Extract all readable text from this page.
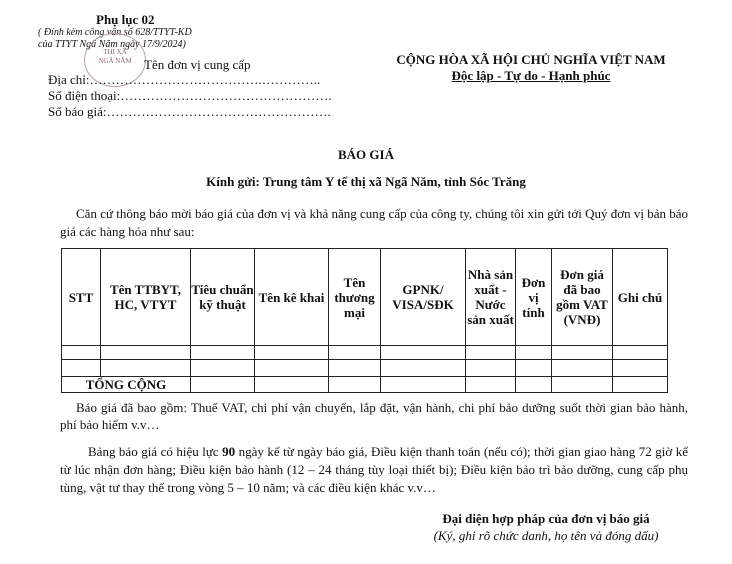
Phụ lục 02
( Đính kèm công văn số 628/TTYT-KD
của TTYT Ngã Năm ngày 17/9/2024)
THỊ XÃ
NGÃ NĂM Tên đơn vị cung cấp
Địa chỉ:………………………………….…………..
Số điện thoại:………………………………………….
Số báo giá:…………………………………………….
CỘNG HÒA XÃ HỘI CHỦ NGHĨA VIỆT NAM
Độc lập - Tự do - Hạnh phúc
BÁO GIÁ
Kính gửi: Trung tâm Y tế thị xã Ngã Năm, tỉnh Sóc Trăng
Căn cứ thông báo mời báo giá của đơn vị và khả năng cung cấp của công ty, chúng tôi xin gửi tới Quý đơn vị bản báo giá các hàng hóa như sau:
STT	Tên TTBYT, HC, VTYT	Tiêu chuẩn kỹ thuật	Tên kê khai	Tên thương mại	GPNK/ VISA/SĐK	Nhà sản xuất - Nước sản xuất	Đơn vị tính	Đơn giá đã bao gồm VAT (VNĐ)	Ghi chú

TỔNG CỘNG									
Báo giá đã bao gồm: Thuế VAT, chi phí vận chuyển, lắp đặt, vận hành, chi phí bảo dưỡng suốt thời gian bảo hành, phí bảo hiểm v.v…
Bảng báo giá có hiệu lực 90 ngày kể từ ngày báo giá, Điều kiện thanh toán (nếu có); thời gian giao hàng 72 giờ kể từ lúc nhận đơn hàng; Điều kiện bảo hành (12 – 24 tháng tùy loại thiết bị); Điều kiện bảo trì bảo dưỡng, cung cấp phụ tùng, vật tư thay thế trong vòng 5 – 10 năm; và các điều kiện khác v.v…
Đại diện hợp pháp của đơn vị báo giá
(Ký, ghi rõ chức danh, họ tên và đóng dấu)
